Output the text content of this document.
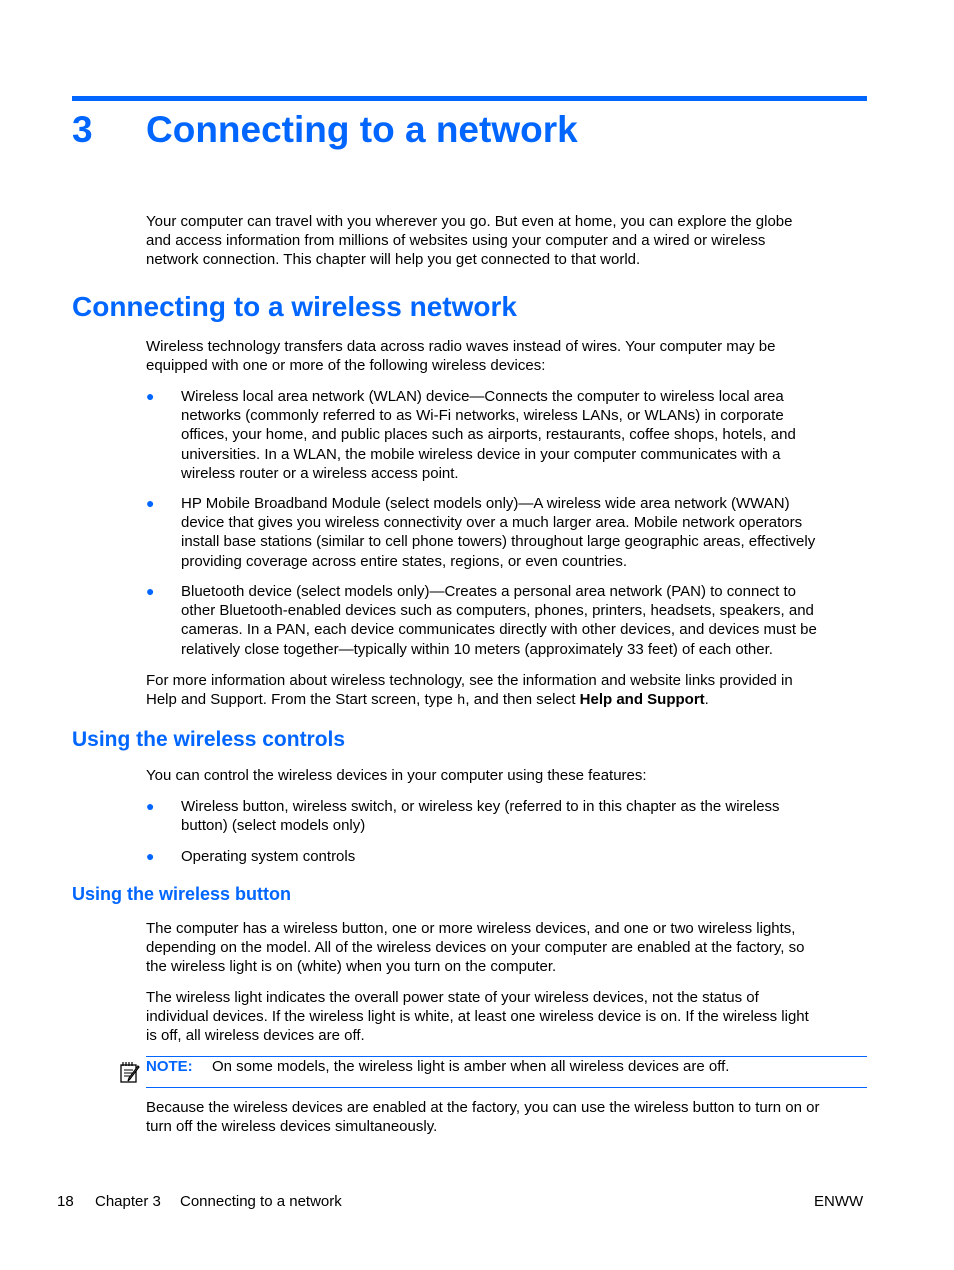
3 Connecting to a network
Your computer can travel with you wherever you go. But even at home, you can explore the globe
and access information from millions of websites using your computer and a wired or wireless
network connection. This chapter will help you get connected to that world.
Connecting to a wireless network
Wireless technology transfers data across radio waves instead of wires. Your computer may be
equipped with one or more of the following wireless devices:
● Wireless local area network (WLAN) device—Connects the computer to wireless local area
networks (commonly referred to as Wi-Fi networks, wireless LANs, or WLANs) in corporate
offices, your home, and public places such as airports, restaurants, coffee shops, hotels, and
universities. In a WLAN, the mobile wireless device in your computer communicates with a
wireless router or a wireless access point.
● HP Mobile Broadband Module (select models only)—A wireless wide area network (WWAN)
device that gives you wireless connectivity over a much larger area. Mobile network operators
install base stations (similar to cell phone towers) throughout large geographic areas, effectively
providing coverage across entire states, regions, or even countries.
● Bluetooth device (select models only)—Creates a personal area network (PAN) to connect to
other Bluetooth-enabled devices such as computers, phones, printers, headsets, speakers, and
cameras. In a PAN, each device communicates directly with other devices, and devices must be
relatively close together—typically within 10 meters (approximately 33 feet) of each other.
For more information about wireless technology, see the information and website links provided in
Help and Support. From the Start screen, type h, and then select Help and Support.
Using the wireless controls
You can control the wireless devices in your computer using these features:
● Wireless button, wireless switch, or wireless key (referred to in this chapter as the wireless
button) (select models only)
● Operating system controls
Using the wireless button
The computer has a wireless button, one or more wireless devices, and one or two wireless lights,
depending on the model. All of the wireless devices on your computer are enabled at the factory, so
the wireless light is on (white) when you turn on the computer.
The wireless light indicates the overall power state of your wireless devices, not the status of
individual devices. If the wireless light is white, at least one wireless device is on. If the wireless light
is off, all wireless devices are off.
NOTE: On some models, the wireless light is amber when all wireless devices are off.
Because the wireless devices are enabled at the factory, you can use the wireless button to turn on or
turn off the wireless devices simultaneously.
18 Chapter 3 Connecting to a network	ENWW
